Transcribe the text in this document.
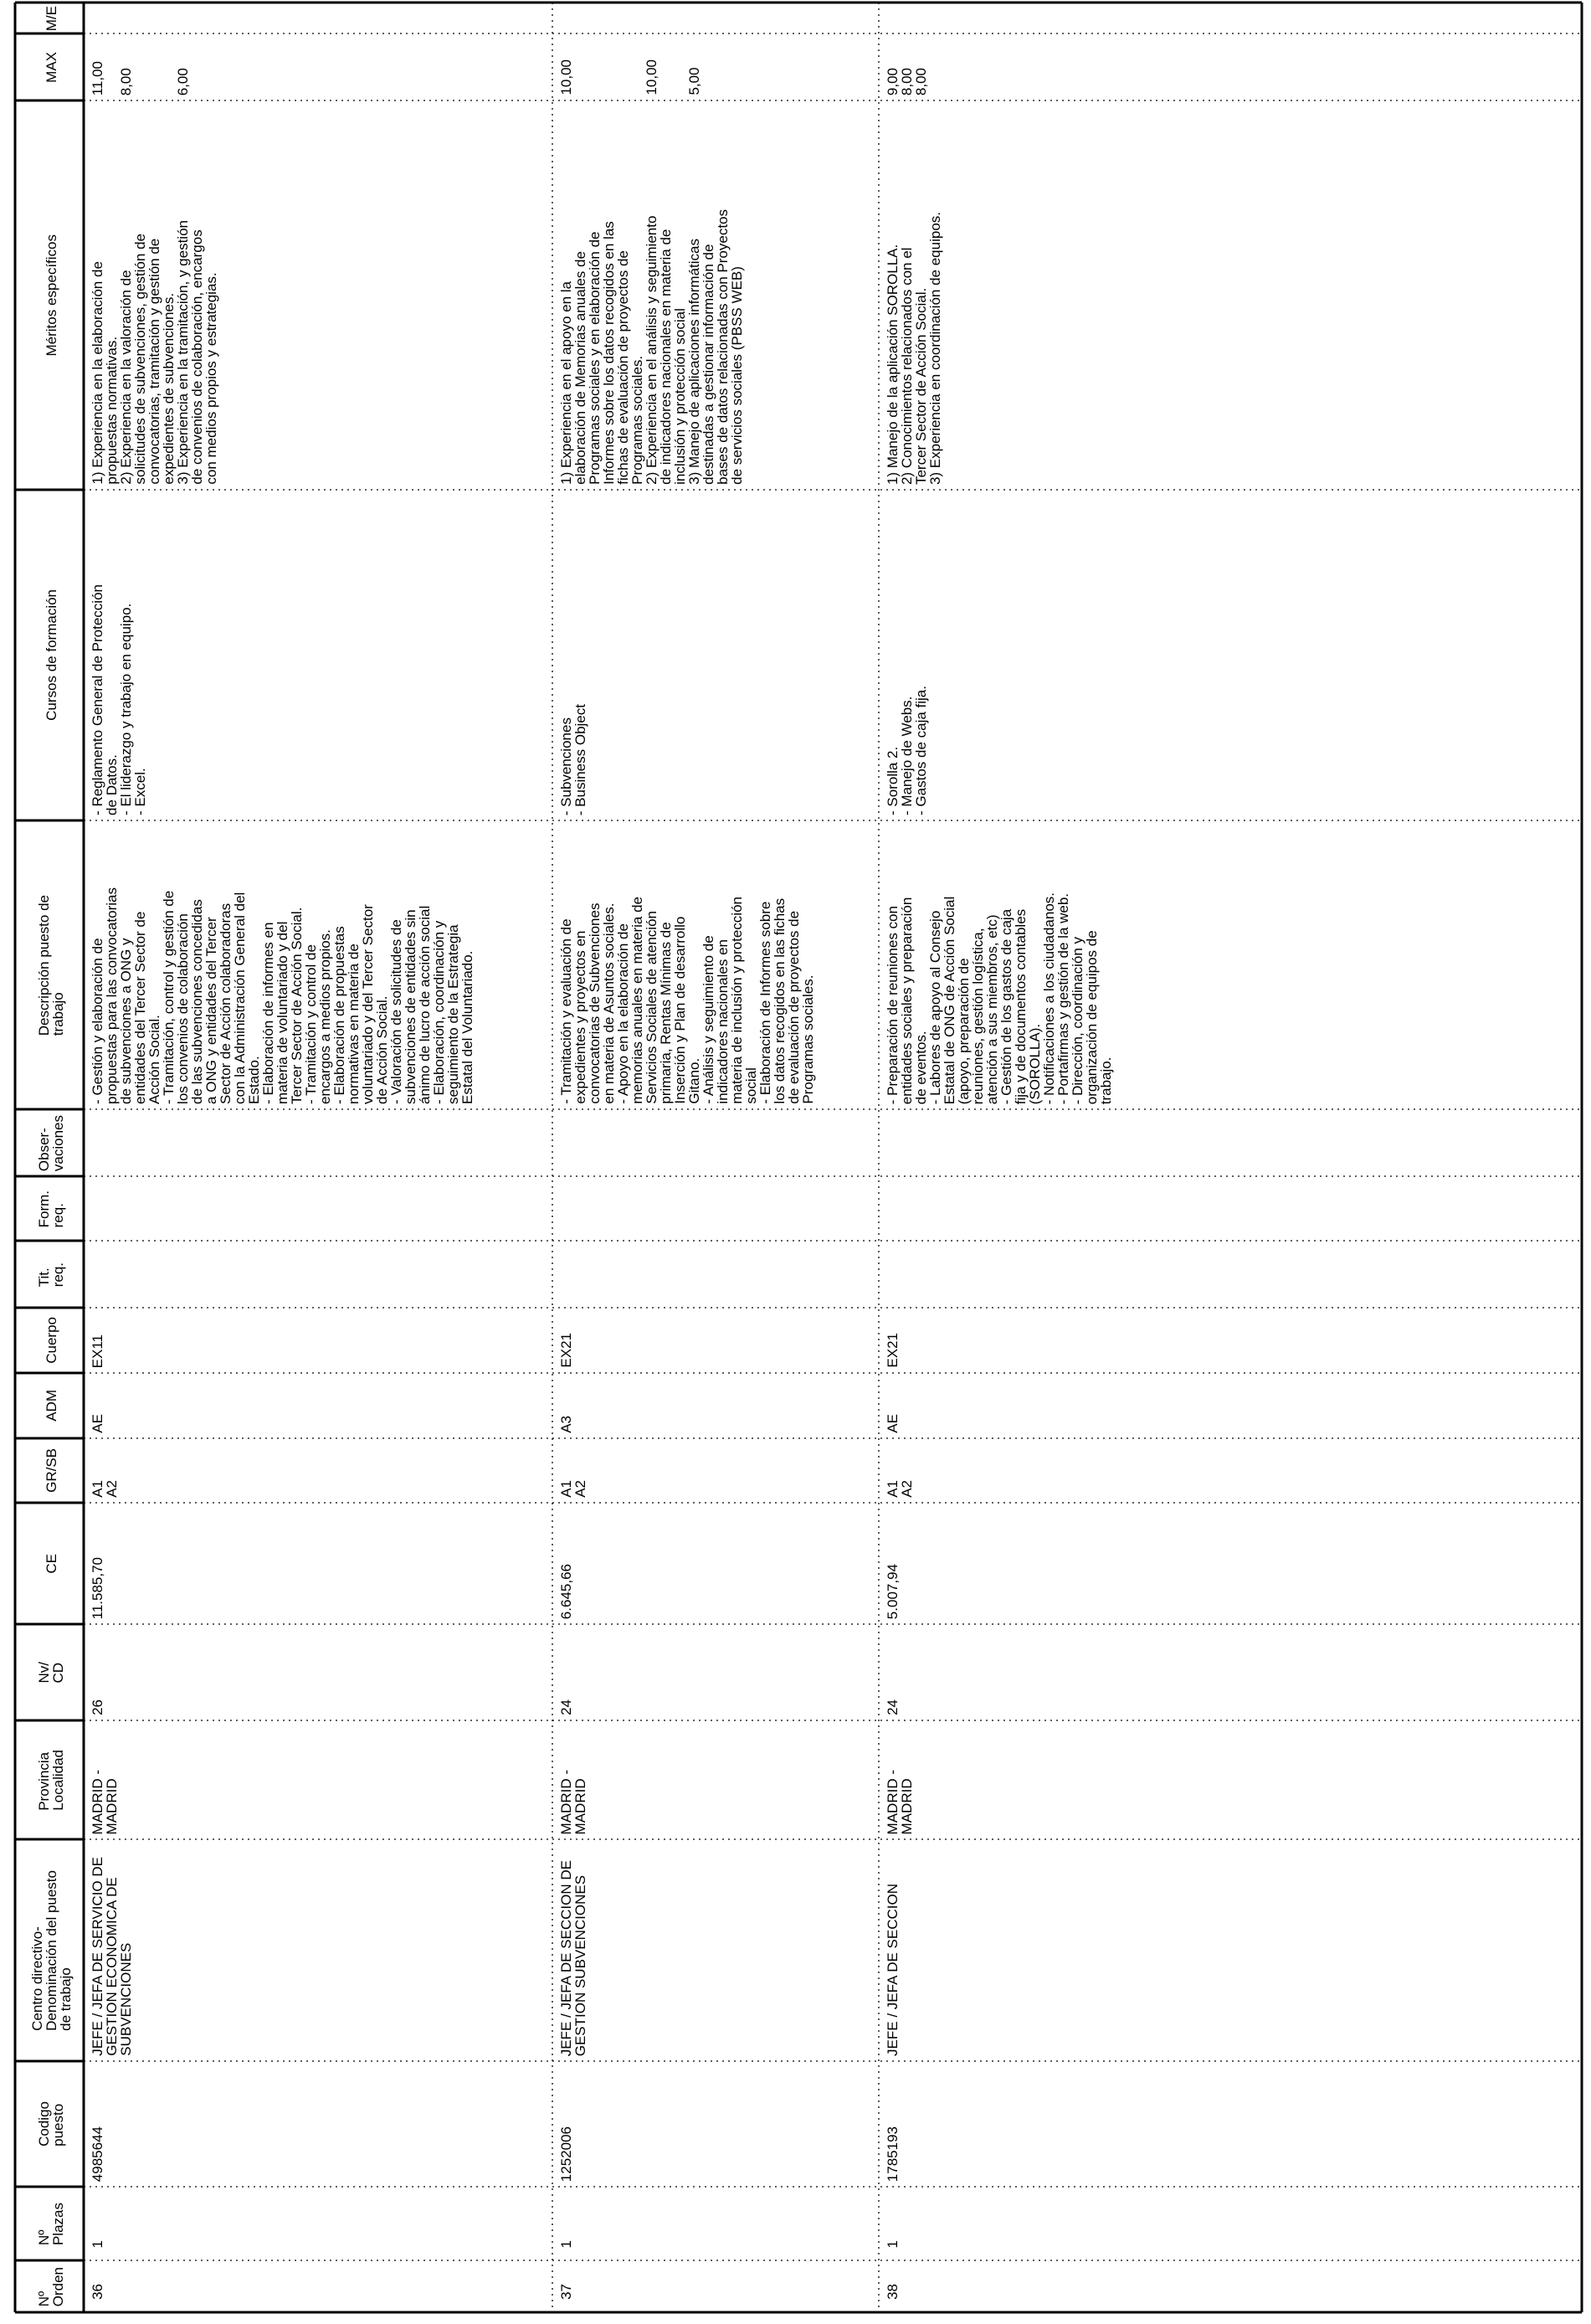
Nº
Orden
Nº
Plazas
Codigo
puesto
Centro directivo-
Denominación del puesto
de trabajo
Provincia
Localidad
Nv/
CD
CE
GR/SB
ADM
Cuerpo
Tit.
req.
Form.
req.
Obser-
vaciones
Descripción puesto de
trabajo
Cursos de formación
Méritos específicos
MAX
M/E
36
1
4985644
JEFE / JEFA DE SERVICIO DE
GESTION ECONOMICA DE
SUBVENCIONES
MADRID -
MADRID
26
11.585,70
A1
A2
AE
EX11
- Gestión y elaboración de
propuestas para las convocatorias
de subvenciones a ONG y
entidades del Tercer Sector de
Acción Social.
- Tramitación, control y gestión de
los convenios de colaboración
de las subvenciones concedidas
a ONG y entidades del Tercer
Sector de Acción colaboradoras
con la Administración General del
Estado.
- Elaboración de informes en
materia de voluntariado y del
Tercer Sector de Acción Social.
- Tramitación y control de
encargos a medios propios.
- Elaboración de propuestas
normativas en materia de
voluntariado y del Tercer Sector
de Acción Social.
- Valoración de solicitudes de
subvenciones de entidades sin
ánimo de lucro de acción social
- Elaboración, coordinación y
seguimiento de la Estrategia
Estatal del Voluntariado.
- Reglamento General de Protección
de Datos.
- El liderazgo y trabajo en equipo.
- Excel.
1) Experiencia en la elaboración de
propuestas normativas.
2) Experiencia en la valoración de
solicitudes de subvenciones, gestión de
convocatorias, tramitación y gestión de
expedientes de subvenciones.
3) Experiencia en la tramitación, y gestión
de convenios de colaboración, encargos
con medios propios y estrategias.
11,00

8,00

6,00
37
1
1252006
JEFE / JEFA DE SECCION DE
GESTION SUBVENCIONES
MADRID -
MADRID
24
6.645,66
A1
A2
A3
EX21
- Tramitación y evaluación de
expedientes y proyectos en
convocatorias de Subvenciones
en materia de Asuntos sociales.
- Apoyo en la elaboración de
memorias anuales en materia de
Servicios Sociales de atención
primaria, Rentas Mínimas de
Inserción y Plan de desarrollo
Gitano.
- Análisis y seguimiento de
indicadores nacionales en
materia de inclusión y protección
social
- Elaboración de Informes sobre
los datos recogidos en las fichas
de evaluación de proyectos de
Programas sociales.
- Subvenciones
- Business Object
1) Experiencia en el apoyo en la
elaboración de Memorias anuales de
Programas sociales y en elaboración de
Informes sobre los datos recogidos en las
fichas de evaluación de proyectos de
Programas sociales.
2) Experiencia en el análisis y seguimiento
de indicadores nacionales en materia de
inclusión y protección social
3) Manejo de aplicaciones informáticas
destinadas a gestionar información de
bases de datos relacionadas con Proyectos
de servicios sociales (PBSS WEB)
10,00

10,00

5,00
38
1
1785193
JEFE / JEFA DE SECCION
MADRID -
MADRID
24
5.007,94
A1
A2
AE
EX21
- Preparación de reuniones con
entidades sociales y preparación
de eventos.
- Labores de apoyo al Consejo
Estatal de ONG de Acción Social
(apoyo, preparación de
reuniones, gestión logística,
atención a sus miembros, etc)
- Gestión de los gastos de caja
fija y de documentos contables
(SOROLLA).
- Notificaciones a los ciudadanos.
- Portafirmas y gestión de la web.
- Dirección, coordinación y
organización de equipos de
trabajo.
- Sorolla 2.
- Manejo de Webs.
- Gastos de caja fija.
1) Manejo de la aplicación SOROLLA.
2) Conocimientos relacionados con el
Tercer Sector de Acción Social.
3) Experiencia en coordinación de equipos.
9,00
8,00
8,00
